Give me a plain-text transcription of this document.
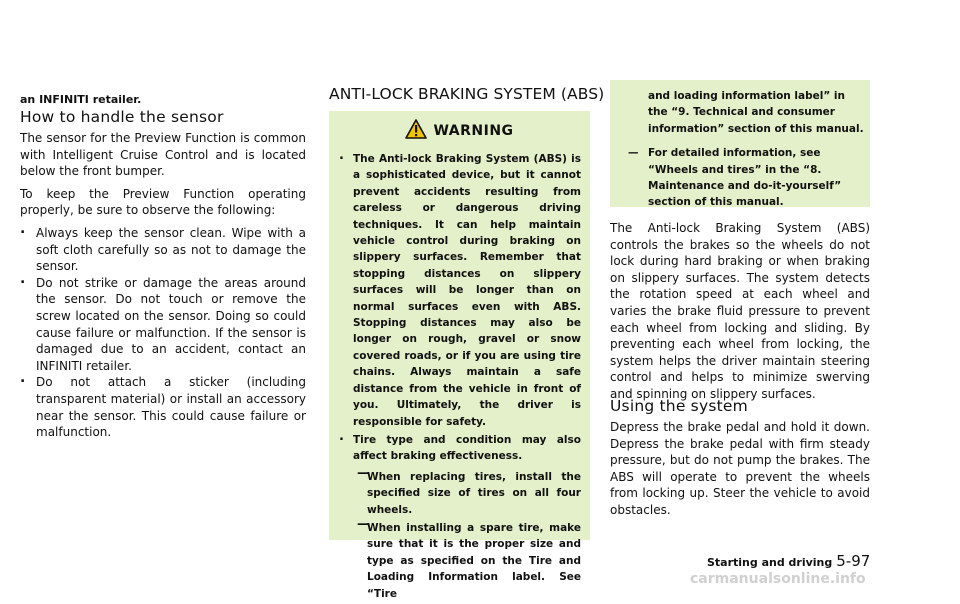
an INFINITI retailer.
How to handle the sensor

The sensor for the Preview Function is common with Intelligent Cruise Control and is located below the front bumper.

To keep the Preview Function operating properly, be sure to observe the following:

. Always keep the sensor clean. Wipe with a soft cloth carefully so as not to damage the sensor.
. Do not strike or damage the areas around the sensor. Do not touch or remove the screw located on the sensor. Doing so could cause failure or malfunction. If the sensor is damaged due to an accident, contact an INFINITI retailer.
. Do not attach a sticker (including transparent material) or install an accessory near the sensor. This could cause failure or malfunction.
ANTI-LOCK BRAKING SYSTEM (ABS)
WARNING
. The Anti-lock Braking System (ABS) is a sophisticated device, but it cannot prevent accidents resulting from careless or dangerous driving techniques. It can help maintain vehicle control during braking on slippery surfaces. Remember that stopping distances on slippery surfaces will be longer than on normal surfaces even with ABS. Stopping distances may also be longer on rough, gravel or snow covered roads, or if you are using tire chains. Always maintain a safe distance from the vehicle in front of you. Ultimately, the driver is responsible for safety.
. Tire type and condition may also affect braking effectiveness.
— When replacing tires, install the specified size of tires on all four wheels.
— When installing a spare tire, make sure that it is the proper size and type as specified on the Tire and Loading Information label. See “Tire
and loading information label” in the “9. Technical and consumer information” section of this manual.
— For detailed information, see “Wheels and tires” in the “8. Maintenance and do-it-yourself” section of this manual.

The Anti-lock Braking System (ABS) controls the brakes so the wheels do not lock during hard braking or when braking on slippery surfaces. The system detects the rotation speed at each wheel and varies the brake fluid pressure to prevent each wheel from locking and sliding. By preventing each wheel from locking, the system helps the driver maintain steering control and helps to minimize swerving and spinning on slippery surfaces.

Using the system

Depress the brake pedal and hold it down. Depress the brake pedal with firm steady pressure, but do not pump the brakes. The ABS will operate to prevent the wheels from locking up. Steer the vehicle to avoid obstacles.

Starting and driving 5-97
carmanualsonline.info
